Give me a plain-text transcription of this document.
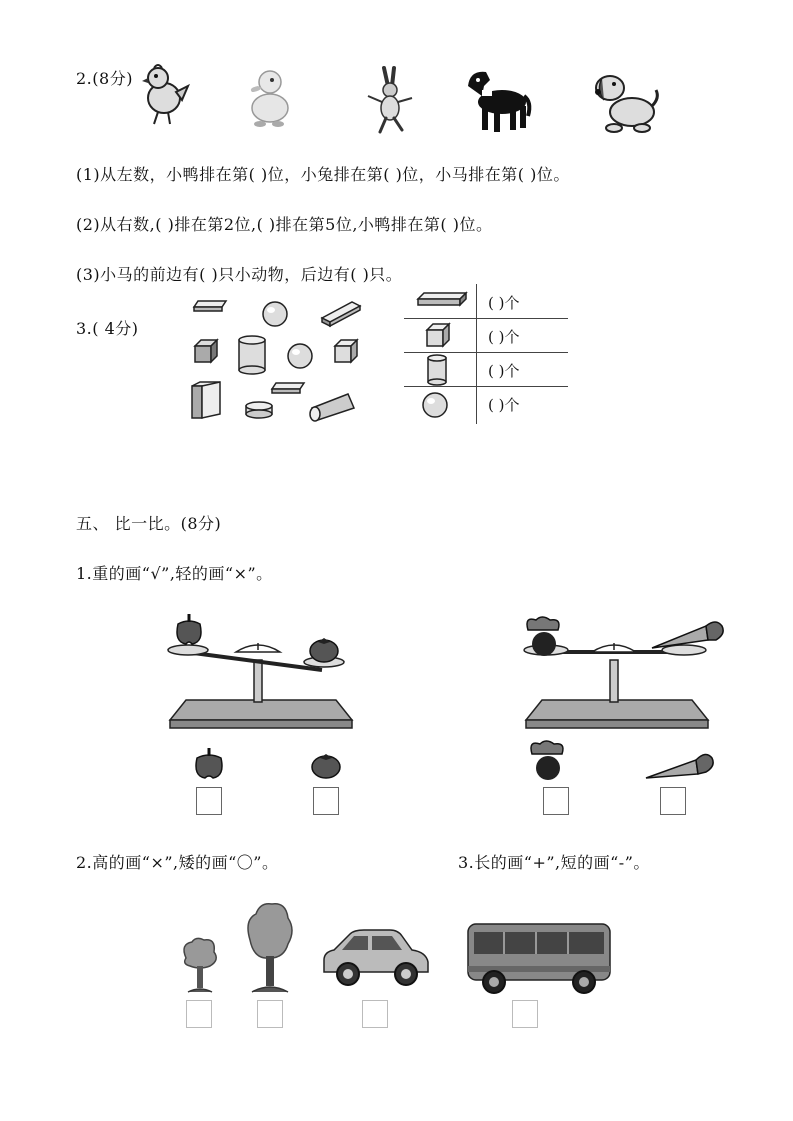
2.(8分)
(1)从左数，小鸭排在第( )位，小兔排在第( )位，小马排在第( )位。
(2)从右数,( )排在第2位,( )排在第5位,小鸭排在第( )位。
(3)小马的前边有( )只小动物，后边有( )只。
3.( 4分)
( )个
( )个
( )个
( )个
五、 比一比。(8分)
1.重的画“√”,轻的画“×”。
2.高的画“×”,矮的画“〇”。	3.长的画“+”,短的画“-”。
